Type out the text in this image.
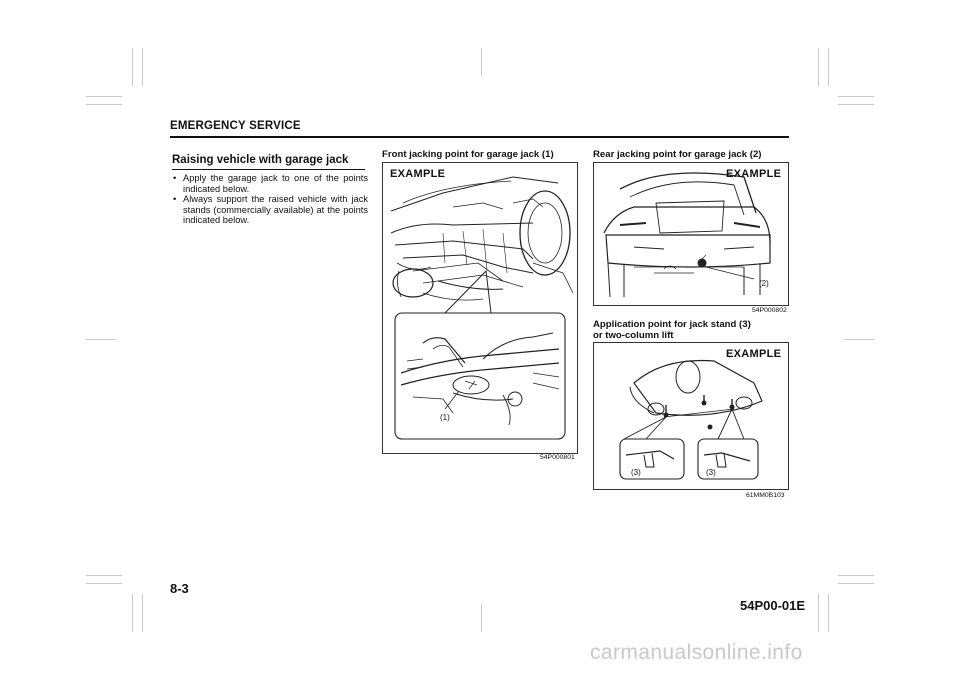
EMERGENCY SERVICE
Raising vehicle with garage jack
• Apply the garage jack to one of the points indicated below.
• Always support the raised vehicle with jack stands (commercially available) at the points indicated below.
Front jacking point for garage jack (1)
EXAMPLE
(1)
54P000801
Rear jacking point for garage jack (2)
EXAMPLE
(2)
54P000802
Application point for jack stand (3)
or two-column lift
EXAMPLE
(3)	(3)
61MM0B103
8-3
54P00-01E
carmanualsonline.info
